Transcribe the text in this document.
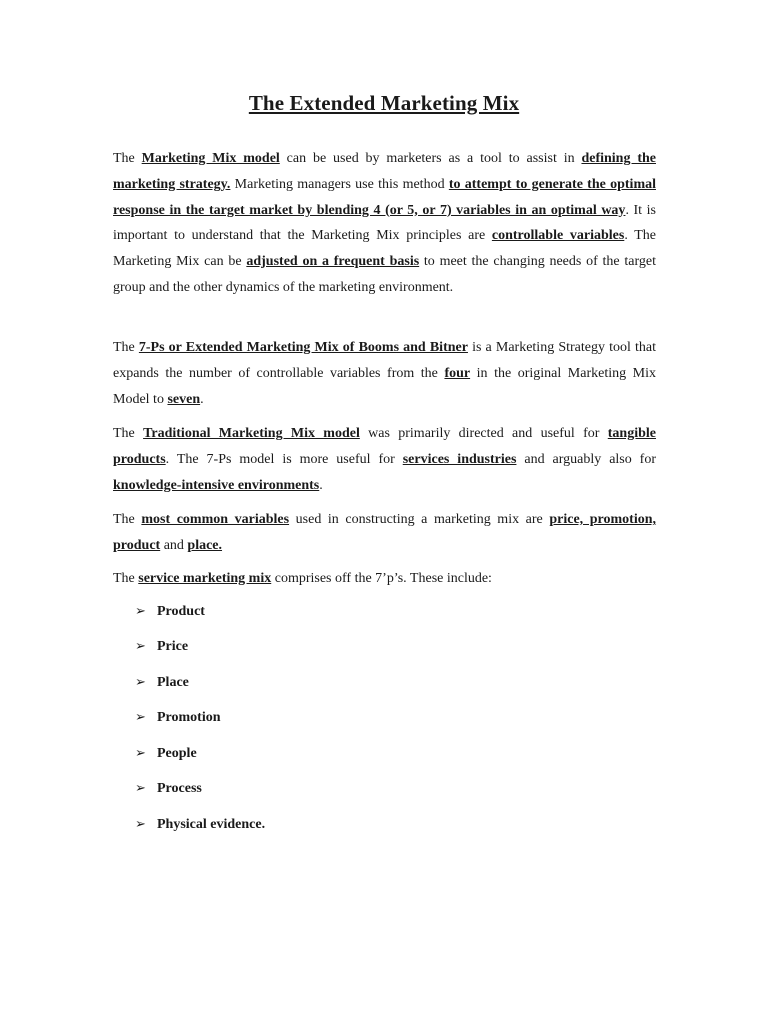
The Extended Marketing Mix

The Marketing Mix model can be used by marketers as a tool to assist in defining the marketing strategy. Marketing managers use this method to attempt to generate the optimal response in the target market by blending 4 (or 5, or 7) variables in an optimal way. It is important to understand that the Marketing Mix principles are controllable variables. The Marketing Mix can be adjusted on a frequent basis to meet the changing needs of the target group and the other dynamics of the marketing environment.

The 7-Ps or Extended Marketing Mix of Booms and Bitner is a Marketing Strategy tool that expands the number of controllable variables from the four in the original Marketing Mix Model to seven.

The Traditional Marketing Mix model was primarily directed and useful for tangible products. The 7-Ps model is more useful for services industries and arguably also for knowledge-intensive environments.

The most common variables used in constructing a marketing mix are price, promotion, product and place.

The service marketing mix comprises off the 7’p’s. These include:

➢ Product
➢ Price
➢ Place
➢ Promotion
➢ People
➢ Process
➢ Physical evidence.
